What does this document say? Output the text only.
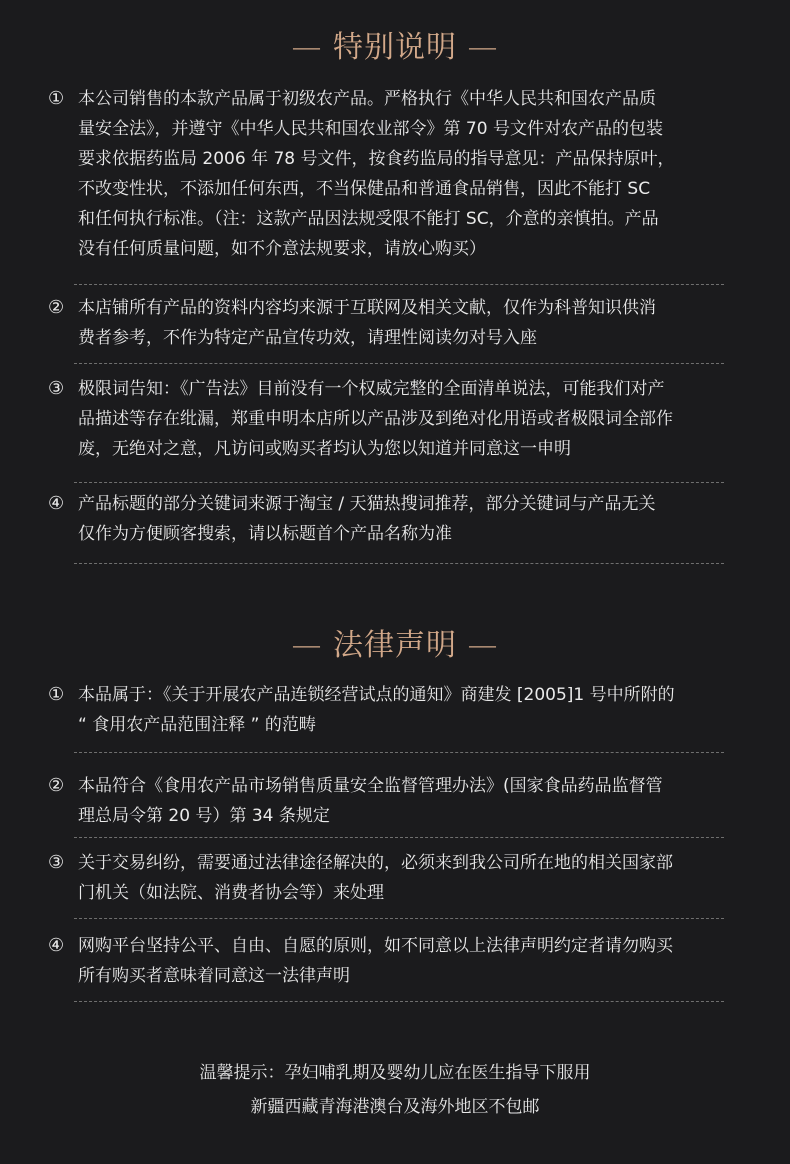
— 特别说明 —
① 本公司销售的本款产品属于初级农产品。严格执行《中华人民共和国农产品质
量安全法》，并遵守《中华人民共和国农业部令》第 70 号文件对农产品的包装
要求依据药监局 2006 年 78 号文件，按食药监局的指导意见：产品保持原叶，
不改变性状，不添加任何东西，不当保健品和普通食品销售，因此不能打 SC
和任何执行标准。（注：这款产品因法规受限不能打 SC，介意的亲慎拍。产品
没有任何质量问题，如不介意法规要求，请放心购买）
② 本店铺所有产品的资料内容均来源于互联网及相关文献，仅作为科普知识供消
费者参考，不作为特定产品宣传功效，请理性阅读勿对号入座
③ 极限词告知：《广告法》目前没有一个权威完整的全面清单说法，可能我们对产
品描述等存在纰漏，郑重申明本店所以产品涉及到绝对化用语或者极限词全部作
废，无绝对之意，凡访问或购买者均认为您以知道并同意这一申明
④ 产品标题的部分关键词来源于淘宝 / 天猫热搜词推荐，部分关键词与产品无关
仅作为方便顾客搜索，请以标题首个产品名称为准
— 法律声明 —
① 本品属于：《关于开展农产品连锁经营试点的通知》商建发 [2005]1 号中所附的
“ 食用农产品范围注释 ” 的范畴
② 本品符合《食用农产品市场销售质量安全监督管理办法》(国家食品药品监督管
理总局令第 20 号）第 34 条规定
③ 关于交易纠纷，需要通过法律途径解决的，必须来到我公司所在地的相关国家部
门机关（如法院、消费者协会等）来处理
④ 网购平台坚持公平、自由、自愿的原则，如不同意以上法律声明约定者请勿购买
所有购买者意味着同意这一法律声明
温馨提示：孕妇哺乳期及婴幼儿应在医生指导下服用
新疆西藏青海港澳台及海外地区不包邮
